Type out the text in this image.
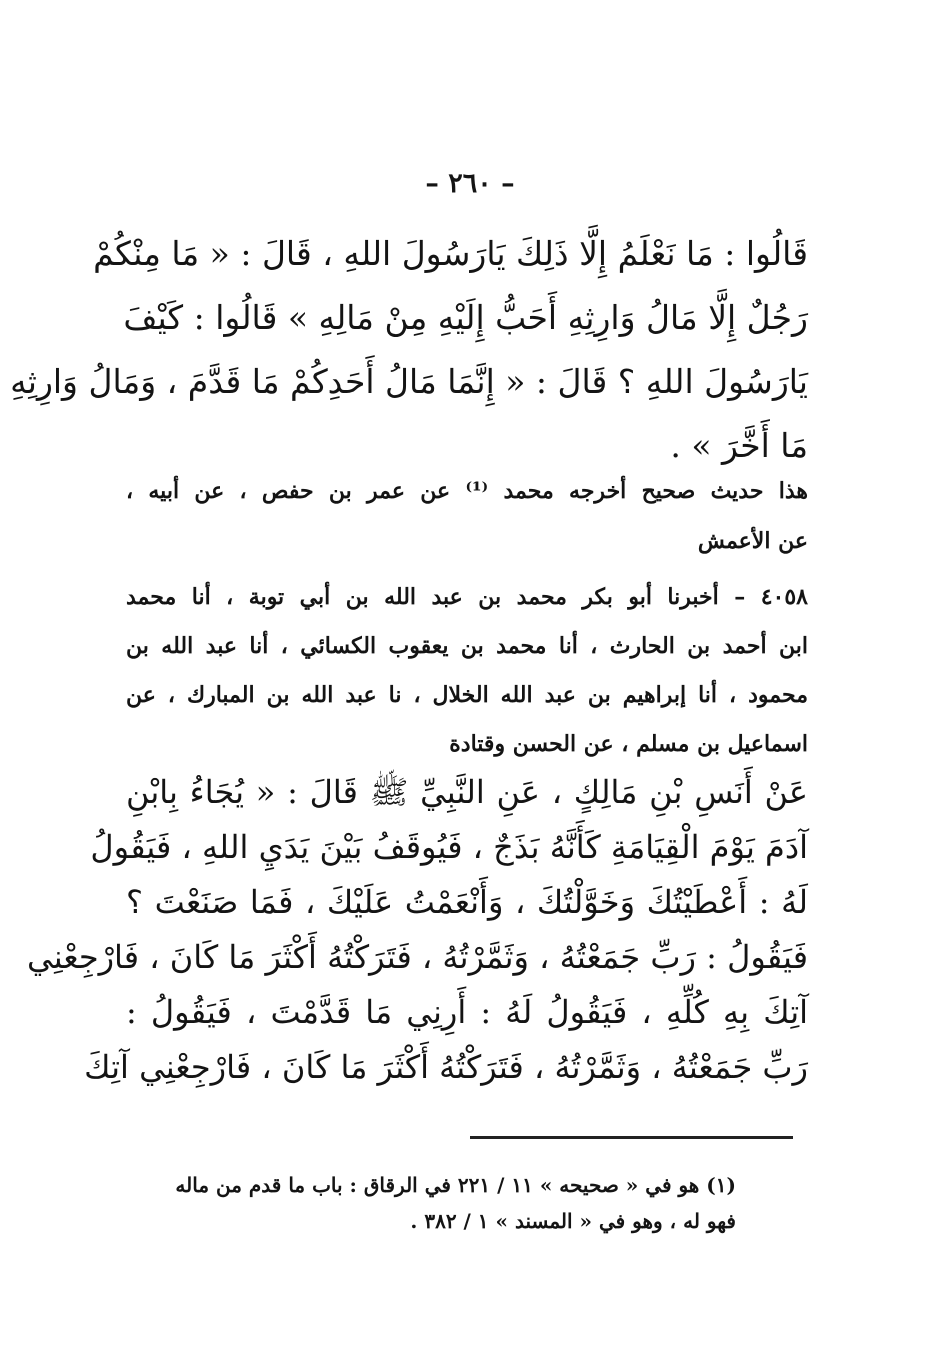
– ٢٦٠ –
قَالُوا : مَا نَعْلَمُ إِلَّا ذَلِكَ يَارَسُولَ اللهِ ، قَالَ : « مَا مِنْكُمْ
رَجُلٌ إِلَّا مَالُ وَارِثِهِ أَحَبُّ إِلَيْهِ مِنْ مَالِهِ » قَالُوا : كَيْفَ
يَارَسُولَ اللهِ ؟ قَالَ : « إِنَّمَا مَالُ أَحَدِكُمْ مَا قَدَّمَ ، وَمَالُ وَارِثِهِ
مَا أَخَّرَ » .
هذا حديث صحيح أخرجه محمد ⁽¹⁾ عن عمر بن حفص ، عن أبيه ،
عن الأعمش
٤٠٥٨ – أخبرنا أبو بكر محمد بن عبد الله بن أبي توبة ، أنا محمد
ابن أحمد بن الحارث ، أنا محمد بن يعقوب الكسائي ، أنا عبد الله بن
محمود ، أنا إبراهيم بن عبد الله الخلال ، نا عبد الله بن المبارك ، عن
اسماعيل بن مسلم ، عن الحسن وقتادة
عَنْ أَنَسِ بْنِ مَالِكٍ ، عَنِ النَّبِيِّ ﷺ قَالَ : « يُجَاءُ بِابْنِ
آدَمَ يَوْمَ الْقِيَامَةِ كَأَنَّهُ بَذَجٌ ، فَيُوقَفُ بَيْنَ يَدَيِ اللهِ ، فَيَقُولُ
لَهُ : أَعْطَيْتُكَ وَخَوَّلْتُكَ ، وَأَنْعَمْتُ عَلَيْكَ ، فَمَا صَنَعْتَ ؟
فَيَقُولُ : رَبِّ جَمَعْتُهُ ، وَثَمَّرْتُهُ ، فَتَرَكْتُهُ أَكْثَرَ مَا كَانَ ، فَارْجِعْنِي
آتِكَ بِهِ كُلِّهِ ، فَيَقُولُ لَهُ : أَرِنِي مَا قَدَّمْتَ ، فَيَقُولُ :
رَبِّ جَمَعْتُهُ ، وَثَمَّرْتُهُ ، فَتَرَكْتُهُ أَكْثَرَ مَا كَانَ ، فَارْجِعْنِي آتِكَ
(١) هو في « صحيحه » ١١ / ٢٢١ في الرقاق : باب ما قدم من ماله
فهو له ، وهو في « المسند » ١ / ٣٨٢ .
